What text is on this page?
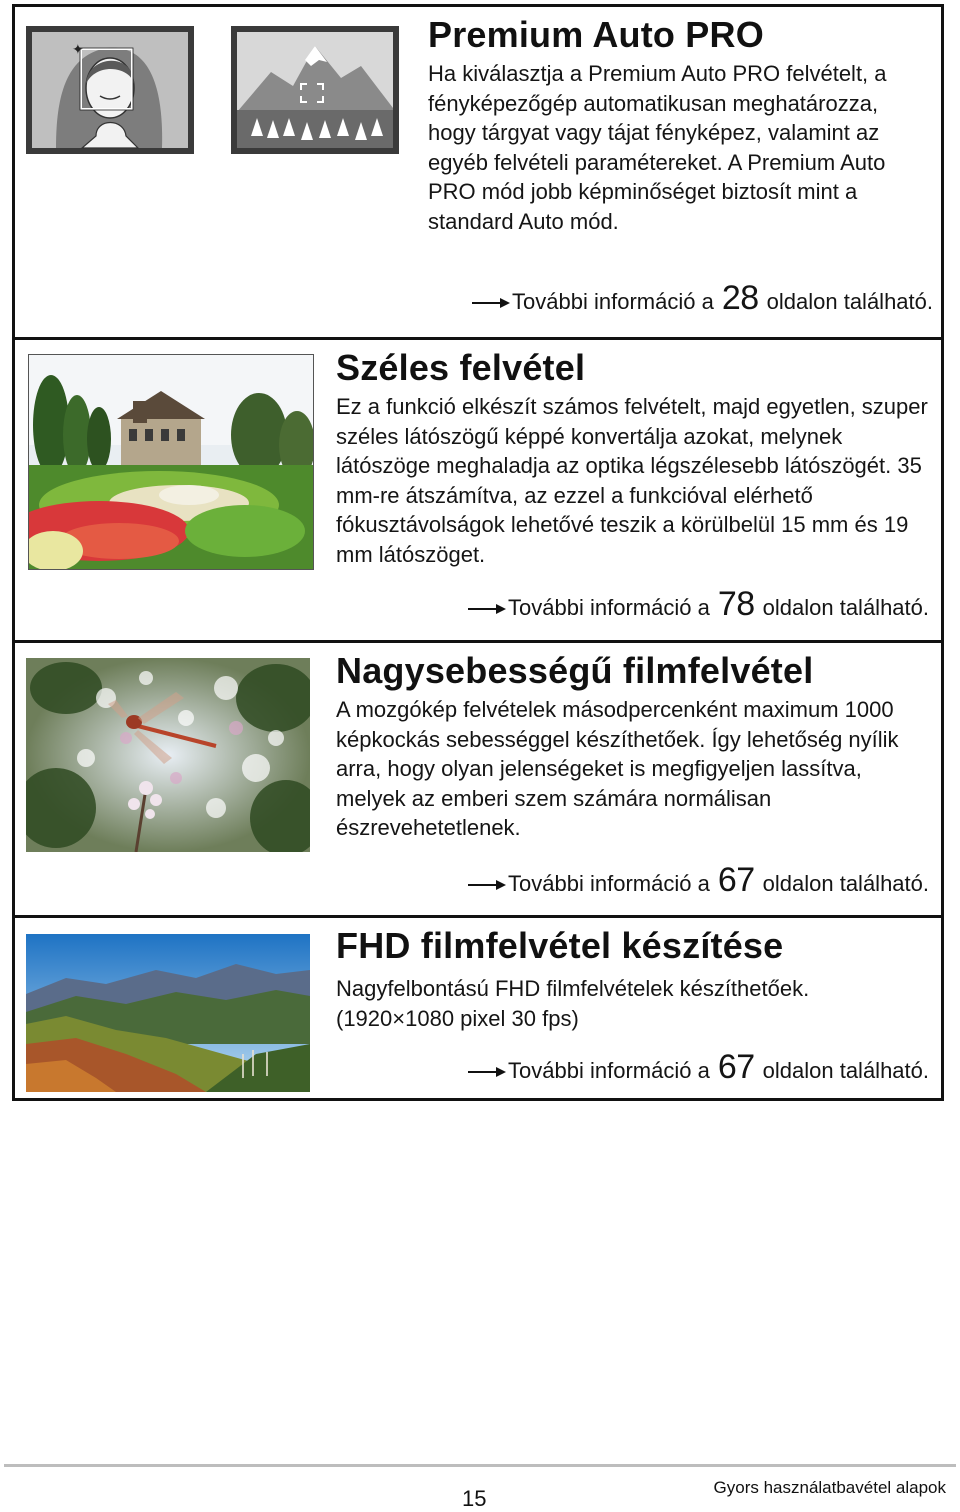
✦	Premium Auto PRO

Ha kiválasztja a Premium Auto PRO felvételt, a fényképezőgép automatikusan meghatározza, hogy tárgyat vagy tájat fényképez, valamint az egyéb felvételi paramétereket. A Premium Auto PRO mód jobb képminőséget biztosít mint a standard Auto mód.

További információ a 28 oldalon található.
Széles felvétel

Ez a funkció elkészít számos felvételt, majd egyetlen, szuper széles látószögű képpé konvertálja azokat, melynek látószöge meghaladja az optika légszélesebb látószögét. 35 mm-re átszámítva, az ezzel a funkcióval elérhető fókusztávolságok lehetővé teszik a körülbelül 15 mm és 19 mm látószöget.

További információ a 78 oldalon található.
Nagysebességű filmfelvétel

A mozgókép felvételek másodpercenként maximum 1000 képkockás sebességgel készíthetőek. Így lehetőség nyílik arra, hogy olyan jelenségeket is megfigyeljen lassítva, melyek az emberi szem számára normálisan észrevehetetlenek.

További információ a 67 oldalon található.
FHD filmfelvétel készítése

Nagyfelbontású FHD filmfelvételek készíthetőek.

(1920×1080 pixel 30 fps)

További információ a 67 oldalon található.
15	Gyors használatbavétel alapok
